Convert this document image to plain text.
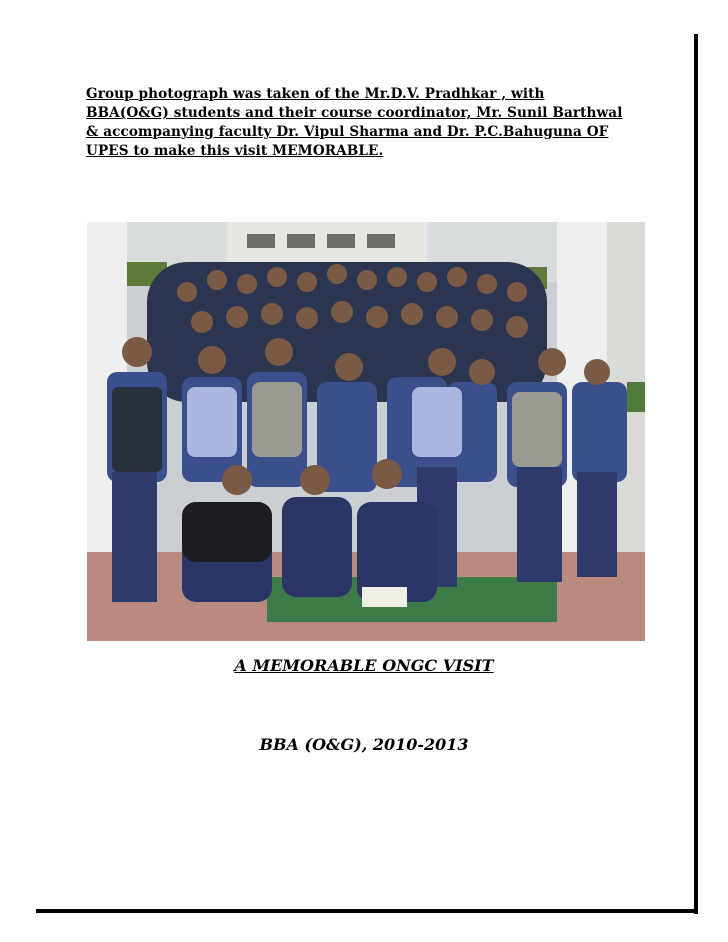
Group photograph was taken of the Mr.D.V. Pradhkar , with
BBA(O&G) students and their course coordinator, Mr. Sunil Barthwal
& accompanying faculty Dr. Vipul Sharma and Dr. P.C.Bahuguna OF
UPES to make this visit MEMORABLE.
A MEMORABLE ONGC VISIT
BBA (O&G), 2010-2013
